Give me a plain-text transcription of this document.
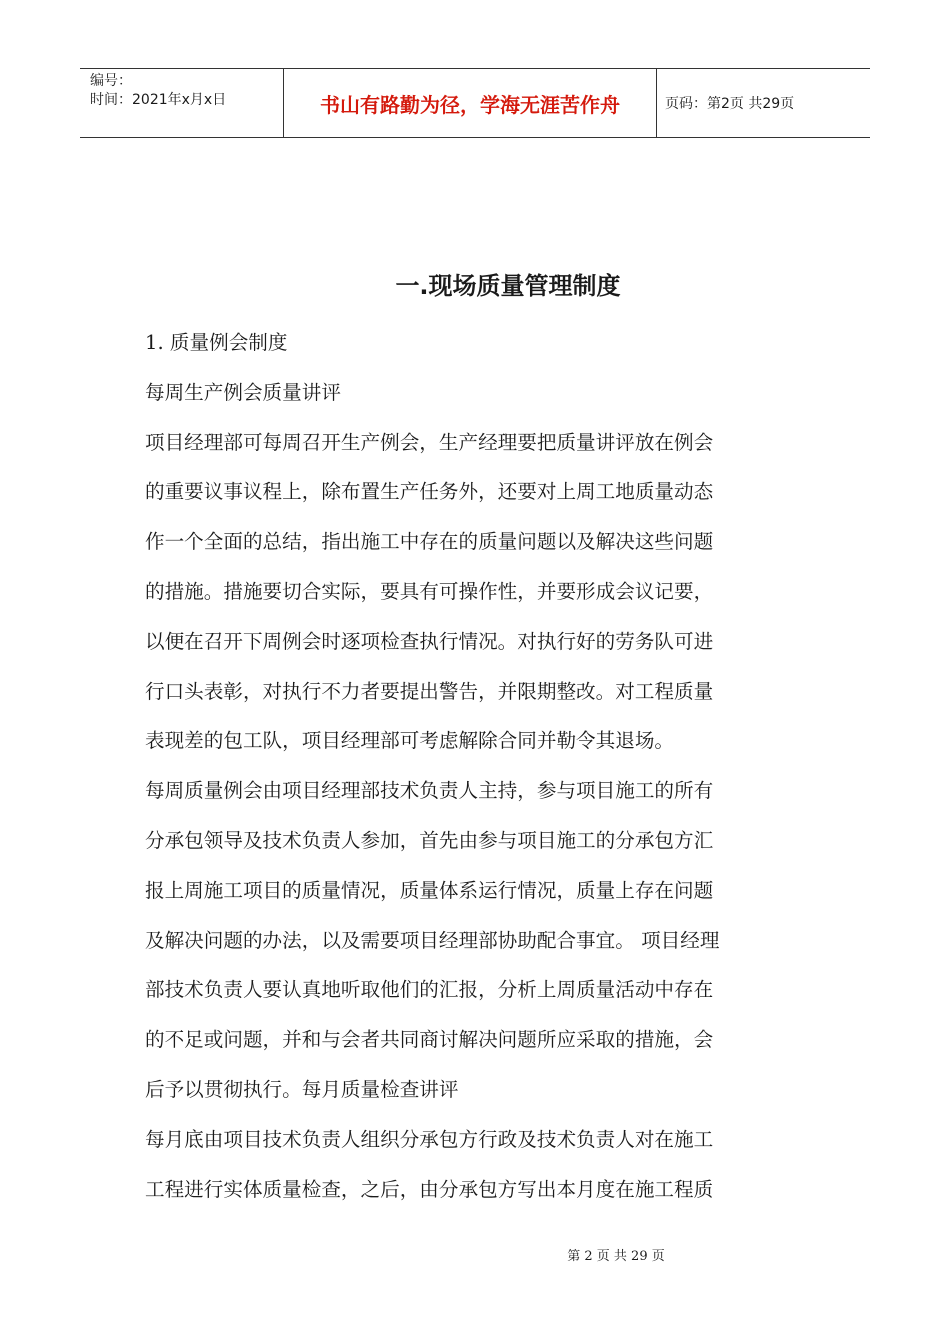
编号：
时间：2021年x月x日	书山有路勤为径，学海无涯苦作舟	页码：第2页 共29页
一.现场质量管理制度

1. 质量例会制度

每周生产例会质量讲评

项目经理部可每周召开生产例会，生产经理要把质量讲评放在例会

的重要议事议程上，除布置生产任务外，还要对上周工地质量动态

作一个全面的总结，指出施工中存在的质量问题以及解决这些问题

的措施。措施要切合实际，要具有可操作性，并要形成会议记要，

以便在召开下周例会时逐项检查执行情况。对执行好的劳务队可进

行口头表彰，对执行不力者要提出警告，并限期整改。对工程质量

表现差的包工队，项目经理部可考虑解除合同并勒令其退场。

每周质量例会由项目经理部技术负责人主持，参与项目施工的所有

分承包领导及技术负责人参加，首先由参与项目施工的分承包方汇

报上周施工项目的质量情况，质量体系运行情况，质量上存在问题

及解决问题的办法，以及需要项目经理部协助配合事宜。 项目经理

部技术负责人要认真地听取他们的汇报，分析上周质量活动中存在

的不足或问题，并和与会者共同商讨解决问题所应采取的措施，会

后予以贯彻执行。每月质量检查讲评

每月底由项目技术负责人组织分承包方行政及技术负责人对在施工

工程进行实体质量检查，之后，由分承包方写出本月度在施工程质

第 2 页 共 29 页
